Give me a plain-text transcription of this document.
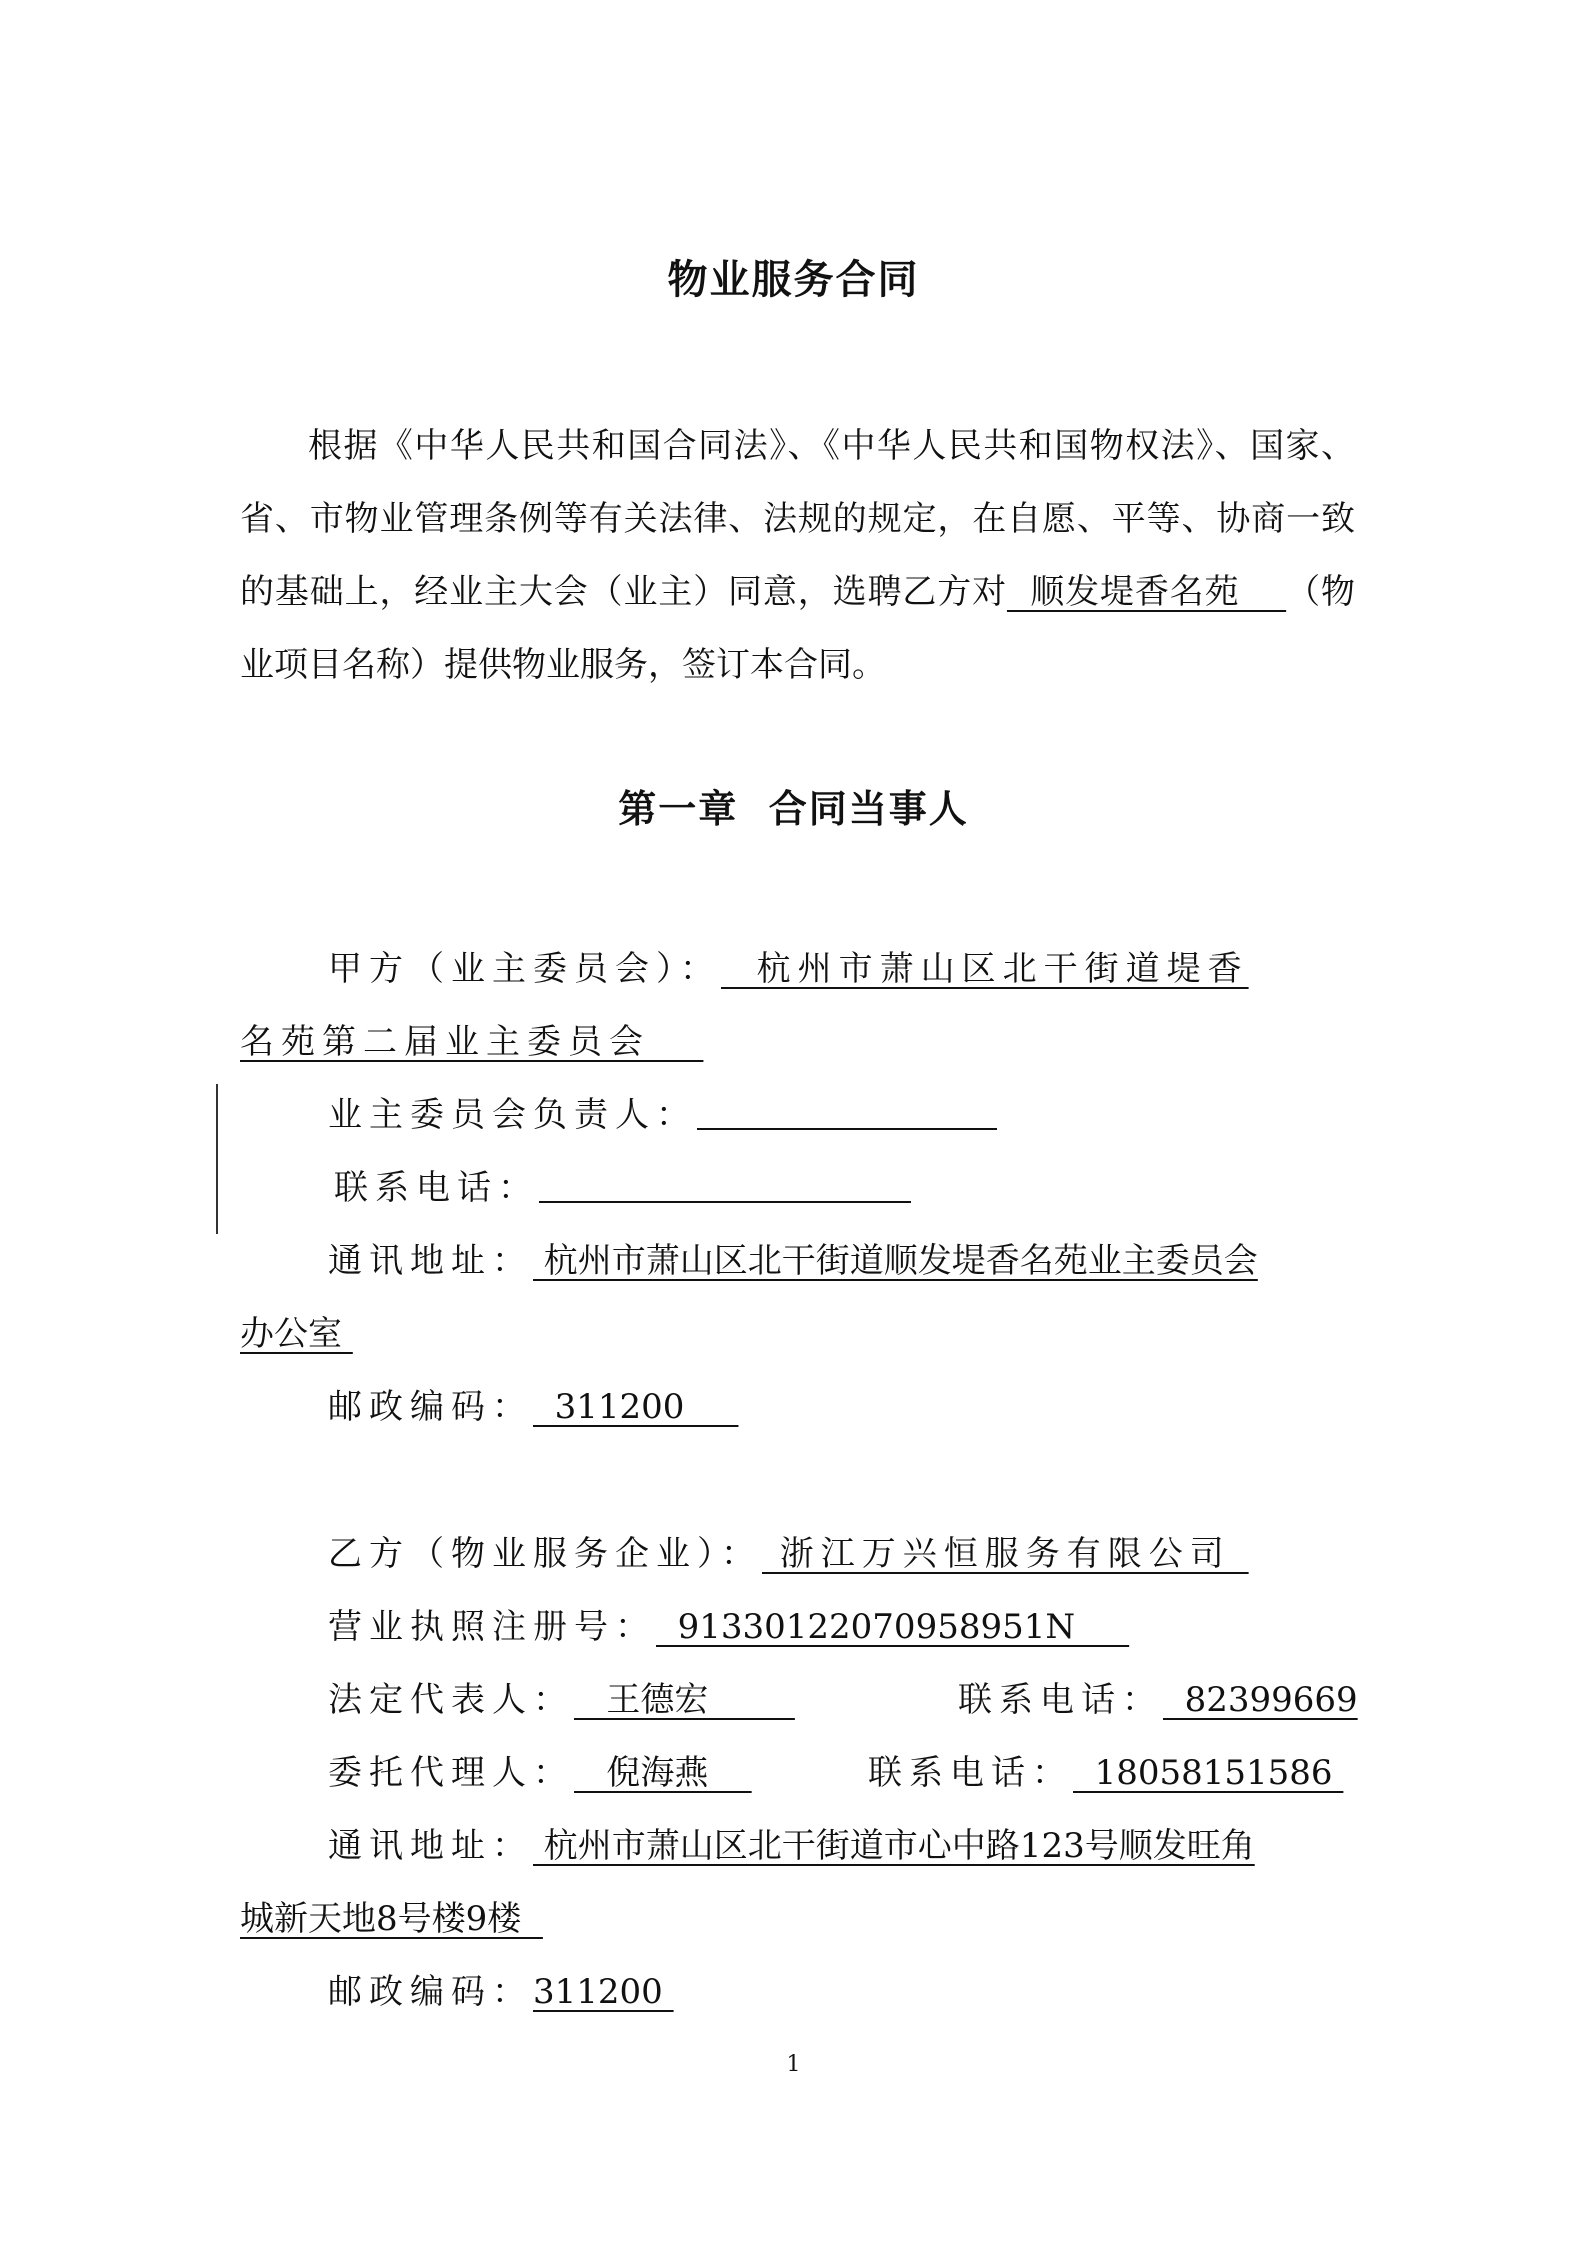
物业服务合同
根据《中华人民共和国合同法》、《中华人民共和国物权法》、国家、省、市物业管理条例等有关法律、法规的规定，在自愿、平等、协商一致的基础上，经业主大会（业主）同意，选聘乙方对  顺发堤香名苑    （物业项目名称）提供物业服务，签订本合同。
第一章  合同当事人
甲方（业主委员会）：  杭州市萧山区北干街道堤香
名苑第二届业主委员会
业主委员会负责人：
联系电话：
通讯地址： 杭州市萧山区北干街道顺发堤香名苑业主委员会
办公室
邮政编码：  311200
乙方（物业服务企业）： 浙江万兴恒服务有限公司
营业执照注册号：  91330122070958951N
法定代表人：   王德宏	联系电话：  82399669
委托代理人：   倪海燕	联系电话：  18058151586
通讯地址： 杭州市萧山区北干街道市心中路123号顺发旺角
城新天地8号楼9楼
邮政编码：311200
1
